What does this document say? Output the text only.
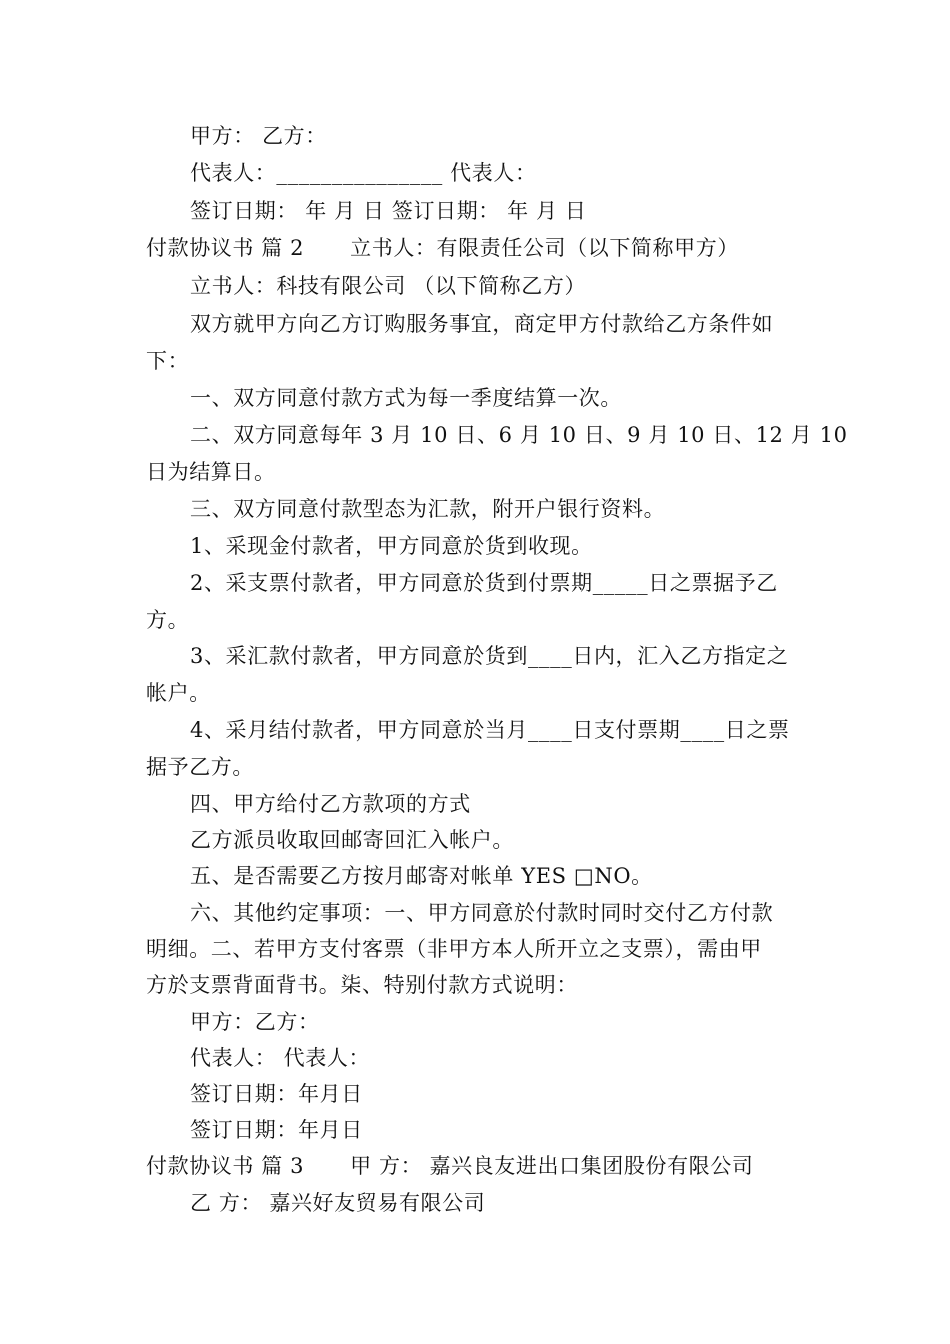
甲方： 乙方：
代表人：_______________ 代表人：
签订日期： 年 月 日 签订日期： 年 月 日
付款协议书 篇 2 立书人：有限责任公司（以下简称甲方）
立书人：科技有限公司 （以下简称乙方）
双方就甲方向乙方订购服务事宜，商定甲方付款给乙方条件如
下：
一、双方同意付款方式为每一季度结算一次。
二、双方同意每年 3 月 10 日、6 月 10 日、9 月 10 日、12 月 10
日为结算日。
三、双方同意付款型态为汇款，附开户银行资料。
1、采现金付款者，甲方同意於货到收现。
2、采支票付款者，甲方同意於货到付票期_____日之票据予乙
方。
3、采汇款付款者，甲方同意於货到____日内，汇入乙方指定之
帐户。
4、采月结付款者，甲方同意於当月____日支付票期____日之票
据予乙方。
四、甲方给付乙方款项的方式
乙方派员收取回邮寄回汇入帐户。
五、是否需要乙方按月邮寄对帐单 YES □NO。
六、其他约定事项：一、甲方同意於付款时同时交付乙方付款
明细。二、若甲方支付客票（非甲方本人所开立之支票），需由甲
方於支票背面背书。柒、特别付款方式说明：
甲方：乙方：
代表人： 代表人：
签订日期：年月日
签订日期：年月日
付款协议书 篇 3 甲 方： 嘉兴良友进出口集团股份有限公司
乙 方： 嘉兴好友贸易有限公司
